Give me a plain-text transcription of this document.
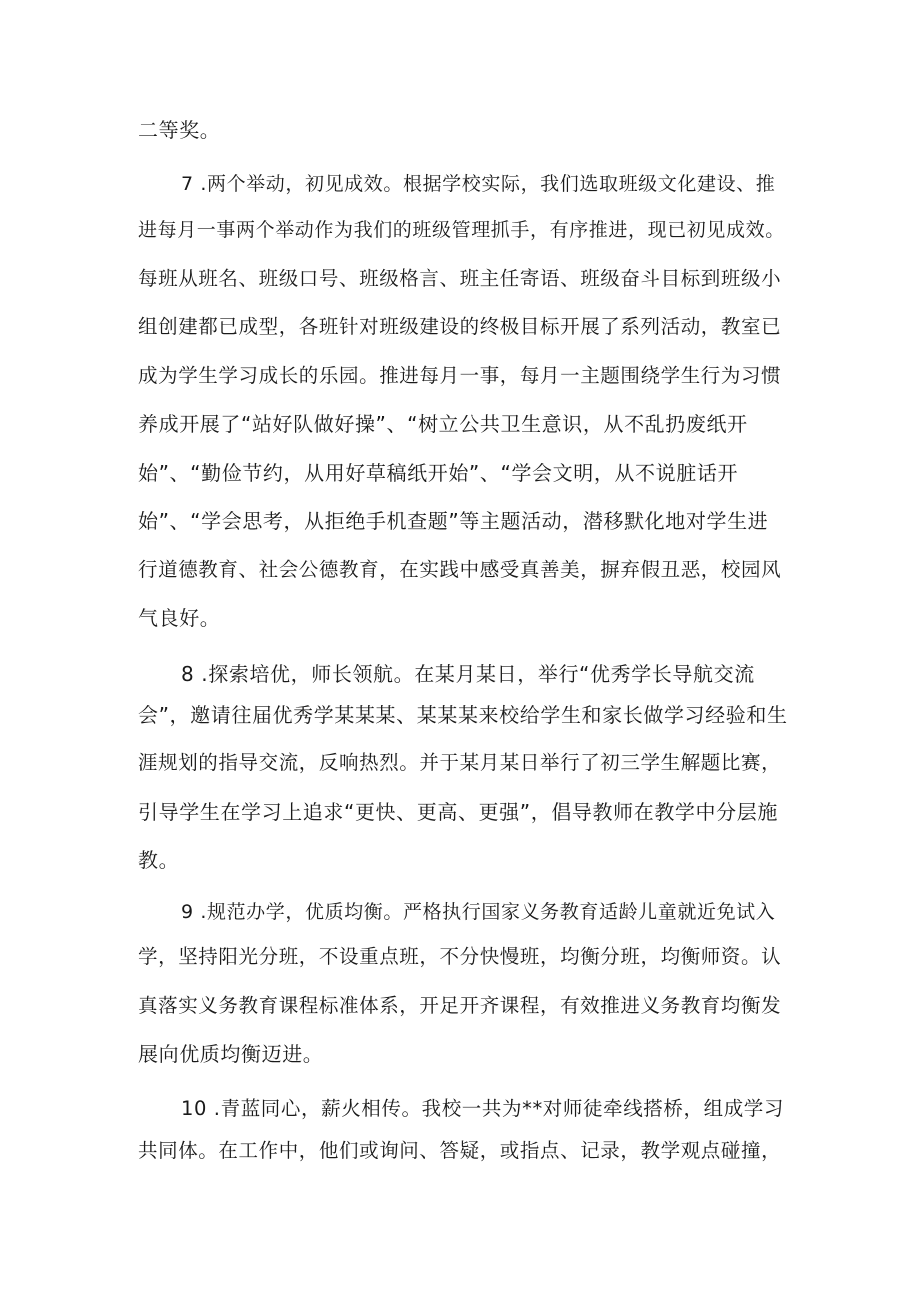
二等奖。
7 .两个举动，初见成效。根据学校实际，我们选取班级文化建设、推
进每月一事两个举动作为我们的班级管理抓手，有序推进，现已初见成效。
每班从班名、班级口号、班级格言、班主任寄语、班级奋斗目标到班级小
组创建都已成型，各班针对班级建设的终极目标开展了系列活动，教室已
成为学生学习成长的乐园。推进每月一事，每月一主题围绕学生行为习惯
养成开展了“站好队做好操”、“树立公共卫生意识，从不乱扔废纸开
始”、“勤俭节约，从用好草稿纸开始”、“学会文明，从不说脏话开
始”、“学会思考，从拒绝手机查题”等主题活动，潜移默化地对学生进
行道德教育、社会公德教育，在实践中感受真善美，摒弃假丑恶，校园风
气良好。
8 .探索培优，师长领航。在某月某日，举行“优秀学长导航交流
会”，邀请往届优秀学某某某、某某某来校给学生和家长做学习经验和生
涯规划的指导交流，反响热烈。并于某月某日举行了初三学生解题比赛，
引导学生在学习上追求“更快、更高、更强”，倡导教师在教学中分层施
教。
9 .规范办学，优质均衡。严格执行国家义务教育适龄儿童就近免试入
学，坚持阳光分班，不设重点班，不分快慢班，均衡分班，均衡师资。认
真落实义务教育课程标准体系，开足开齐课程，有效推进义务教育均衡发
展向优质均衡迈进。
10 .青蓝同心，薪火相传。我校一共为**对师徒牵线搭桥，组成学习
共同体。在工作中，他们或询问、答疑，或指点、记录，教学观点碰撞，
